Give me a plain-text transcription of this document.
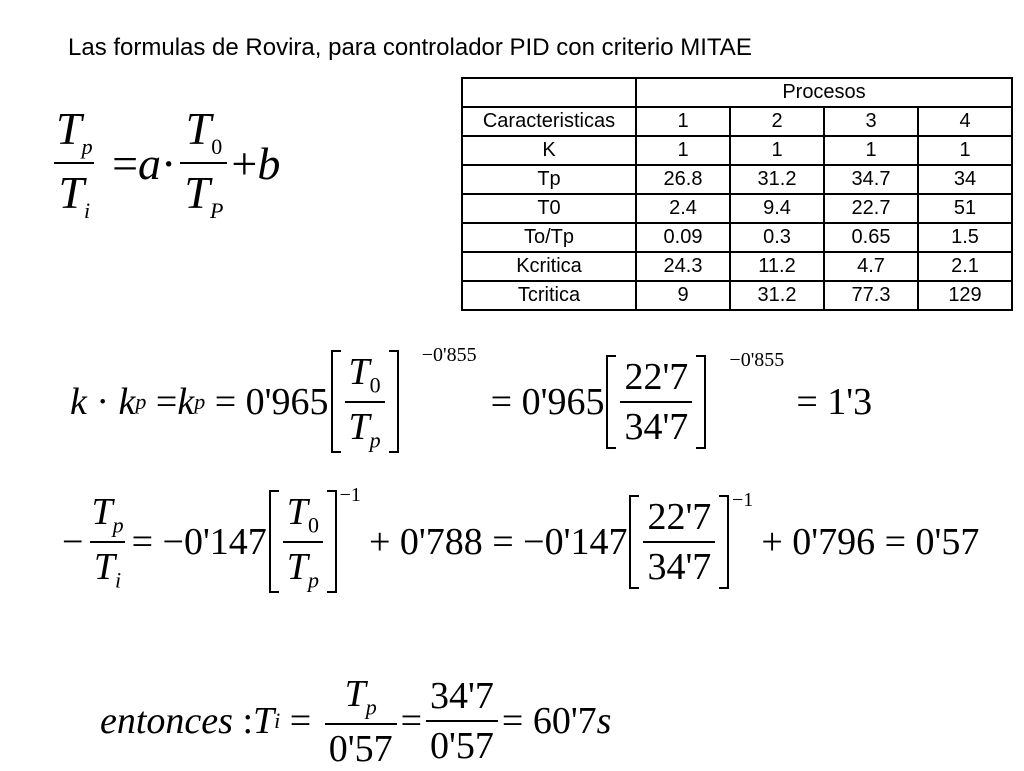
Las formulas de Rovira, para controlador PID con criterio MITAE
$\frac{T_p}{T_i} = a \cdot \frac{T_0}{T_P} + b$
	Procesos			
Caracteristicas	1	2	3	4
K	1	1	1	1
Tp	26.8	31.2	34.7	34
T0	2.4	9.4	22.7	51
To/Tp	0.09	0.3	0.65	1.5
Kcritica	24.3	11.2	4.7	2.1
Tcritica	9	31.2	77.3	129
k · k p = k $p = 0'965 \frac{T_0}{T_p} ^{-0'855}$
= $0'965 \frac{22'7}{34'7} ^{-0'855}$
= 1'3
− $\frac{T_p}{T_i} = -0'147 \frac{T_0}{T_p} ^{-1}$
+ $0'788 = -0'147 \frac{22'7}{34'7} ^{-1}$
+ 0'796 = 0'57
entonces : T $i = \frac{T_p}{0'57} = \frac{34'7}{0'57} = 60'7$ s
